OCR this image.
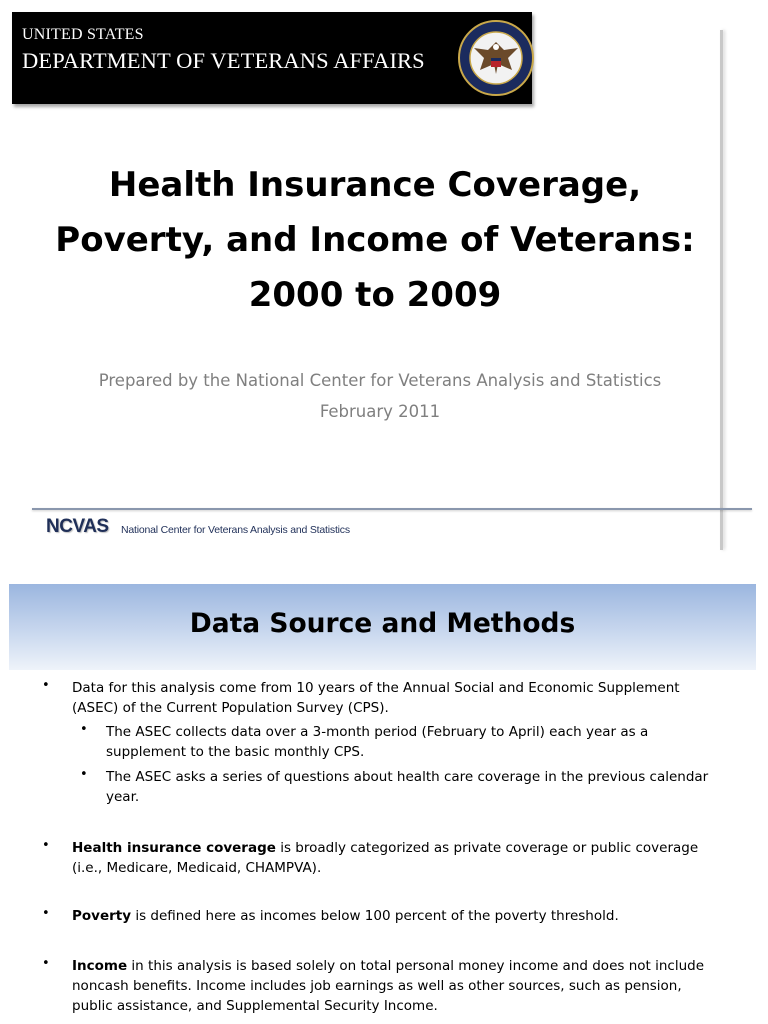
UNITED STATES
DEPARTMENT OF VETERANS AFFAIRS
Health Insurance Coverage,
Poverty, and Income of Veterans:
2000 to 2009
Prepared by the National Center for Veterans Analysis and Statistics
February 2011
NCVAS National Center for Veterans Analysis and Statistics
Data Source and Methods
• Data for this analysis come from 10 years of the Annual Social and Economic Supplement (ASEC) of the Current Population Survey (CPS).
• The ASEC collects data over a 3-month period (February to April) each year as a supplement to the basic monthly CPS.
• The ASEC asks a series of questions about health care coverage in the previous calendar year.
• Health insurance coverage is broadly categorized as private coverage or public coverage (i.e., Medicare, Medicaid, CHAMPVA).
• Poverty is defined here as incomes below 100 percent of the poverty threshold.
• Income in this analysis is based solely on total personal money income and does not include noncash benefits. Income includes job earnings as well as other sources, such as pension, public assistance, and Supplemental Security Income.
